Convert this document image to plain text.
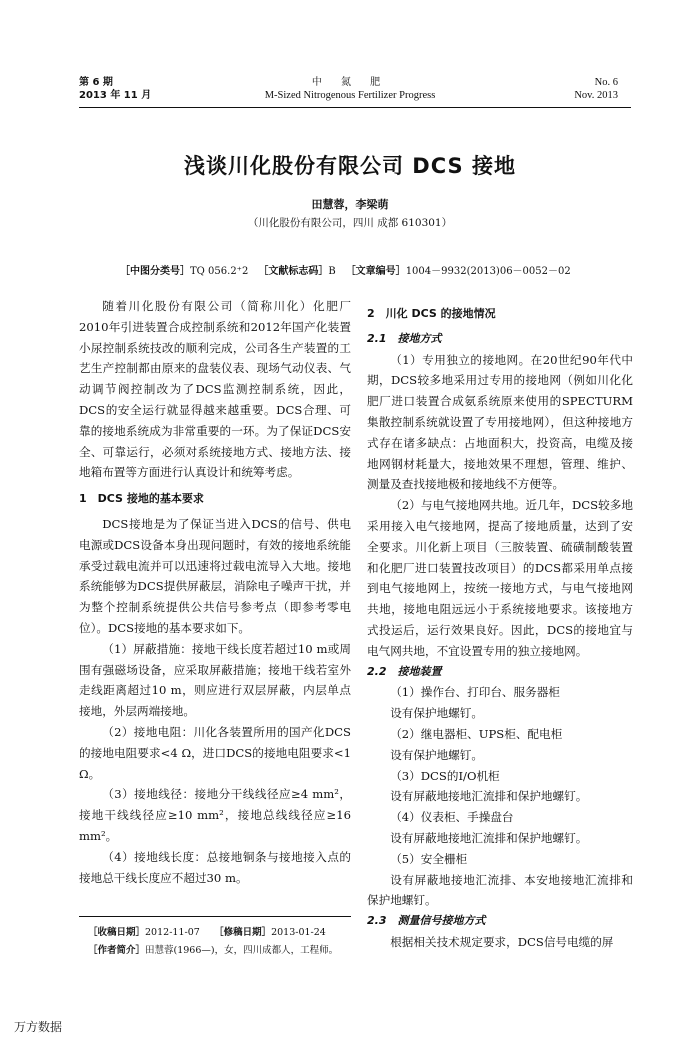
第 6 期
2013 年 11 月
中 氮 肥
M-Sized Nitrogenous Fertilizer Progress
No. 6
Nov. 2013
浅谈川化股份有限公司 DCS 接地
田慧蓉，李梁萌
（川化股份有限公司，四川 成都 610301）
［中图分类号］TQ 056.2⁺2 ［文献标志码］B ［文章编号］1004－9932(2013)06－0052－02

随着川化股份有限公司（简称川化）化肥厂2010年引进装置合成控制系统和2012年国产化装置小尿控制系统技改的顺利完成，公司各生产装置的工艺生产控制都由原来的盘装仪表、现场气动仪表、气动调节阀控制改为了DCS监测控制系统，因此，DCS的安全运行就显得越来越重要。DCS合理、可靠的接地系统成为非常重要的一环。为了保证DCS安全、可靠运行，必须对系统接地方式、接地方法、接地箱布置等方面进行认真设计和统筹考虑。

1　DCS 接地的基本要求

DCS接地是为了保证当进入DCS的信号、供电电源或DCS设备本身出现问题时，有效的接地系统能承受过载电流并可以迅速将过载电流导入大地。接地系统能够为DCS提供屏蔽层，消除电子噪声干扰，并为整个控制系统提供公共信号参考点（即参考零电位）。DCS接地的基本要求如下。

（1）屏蔽措施：接地干线长度若超过10 m或周围有强磁场设备，应采取屏蔽措施；接地干线若室外走线距离超过10 m，则应进行双层屏蔽，内层单点接地，外层两端接地。

（2）接地电阻：川化各装置所用的国产化DCS的接地电阻要求<4 Ω，进口DCS的接地电阻要求<1 Ω。

（3）接地线径：接地分干线线径应≥4 mm²，接地干线线径应≥10 mm²，接地总线线径应≥16 mm²。

（4）接地线长度：总接地铜条与接地接入点的接地总干线长度应不超过30 m。

［收稿日期］2012-11-07　　 ［修稿日期］2013-01-24
［作者简介］田慧蓉(1966—)，女，四川成都人，工程师。
2　川化 DCS 的接地情况
2.1　接地方式

（1）专用独立的接地网。在20世纪90年代中期，DCS较多地采用过专用的接地网（例如川化化肥厂进口装置合成氨系统原来使用的SPECTURM集散控制系统就设置了专用接地网），但这种接地方式存在诸多缺点：占地面积大，投资高，电缆及接地网钢材耗量大，接地效果不理想，管理、维护、测量及查找接地极和接地线不方便等。

（2）与电气接地网共地。近几年，DCS较多地采用接入电气接地网，提高了接地质量，达到了安全要求。川化新上项目（三胺装置、硫磺制酸装置和化肥厂进口装置技改项目）的DCS都采用单点接到电气接地网上，按统一接地方式，与电气接地网共地，接地电阻远远小于系统接地要求。该接地方式投运后，运行效果良好。因此，DCS的接地宜与电气网共地，不宜设置专用的独立接地网。

2.2　接地装置

（1）操作台、打印台、服务器柜

设有保护地螺钉。

（2）继电器柜、UPS柜、配电柜

设有保护地螺钉。

（3）DCS的I/O机柜

设有屏蔽地接地汇流排和保护地螺钉。

（4）仪表柜、手操盘台

设有屏蔽地接地汇流排和保护地螺钉。

（5）安全栅柜

设有屏蔽地接地汇流排、本安地接地汇流排和保护地螺钉。

2.3　测量信号接地方式

根据相关技术规定要求，DCS信号电缆的屏

万方数据
